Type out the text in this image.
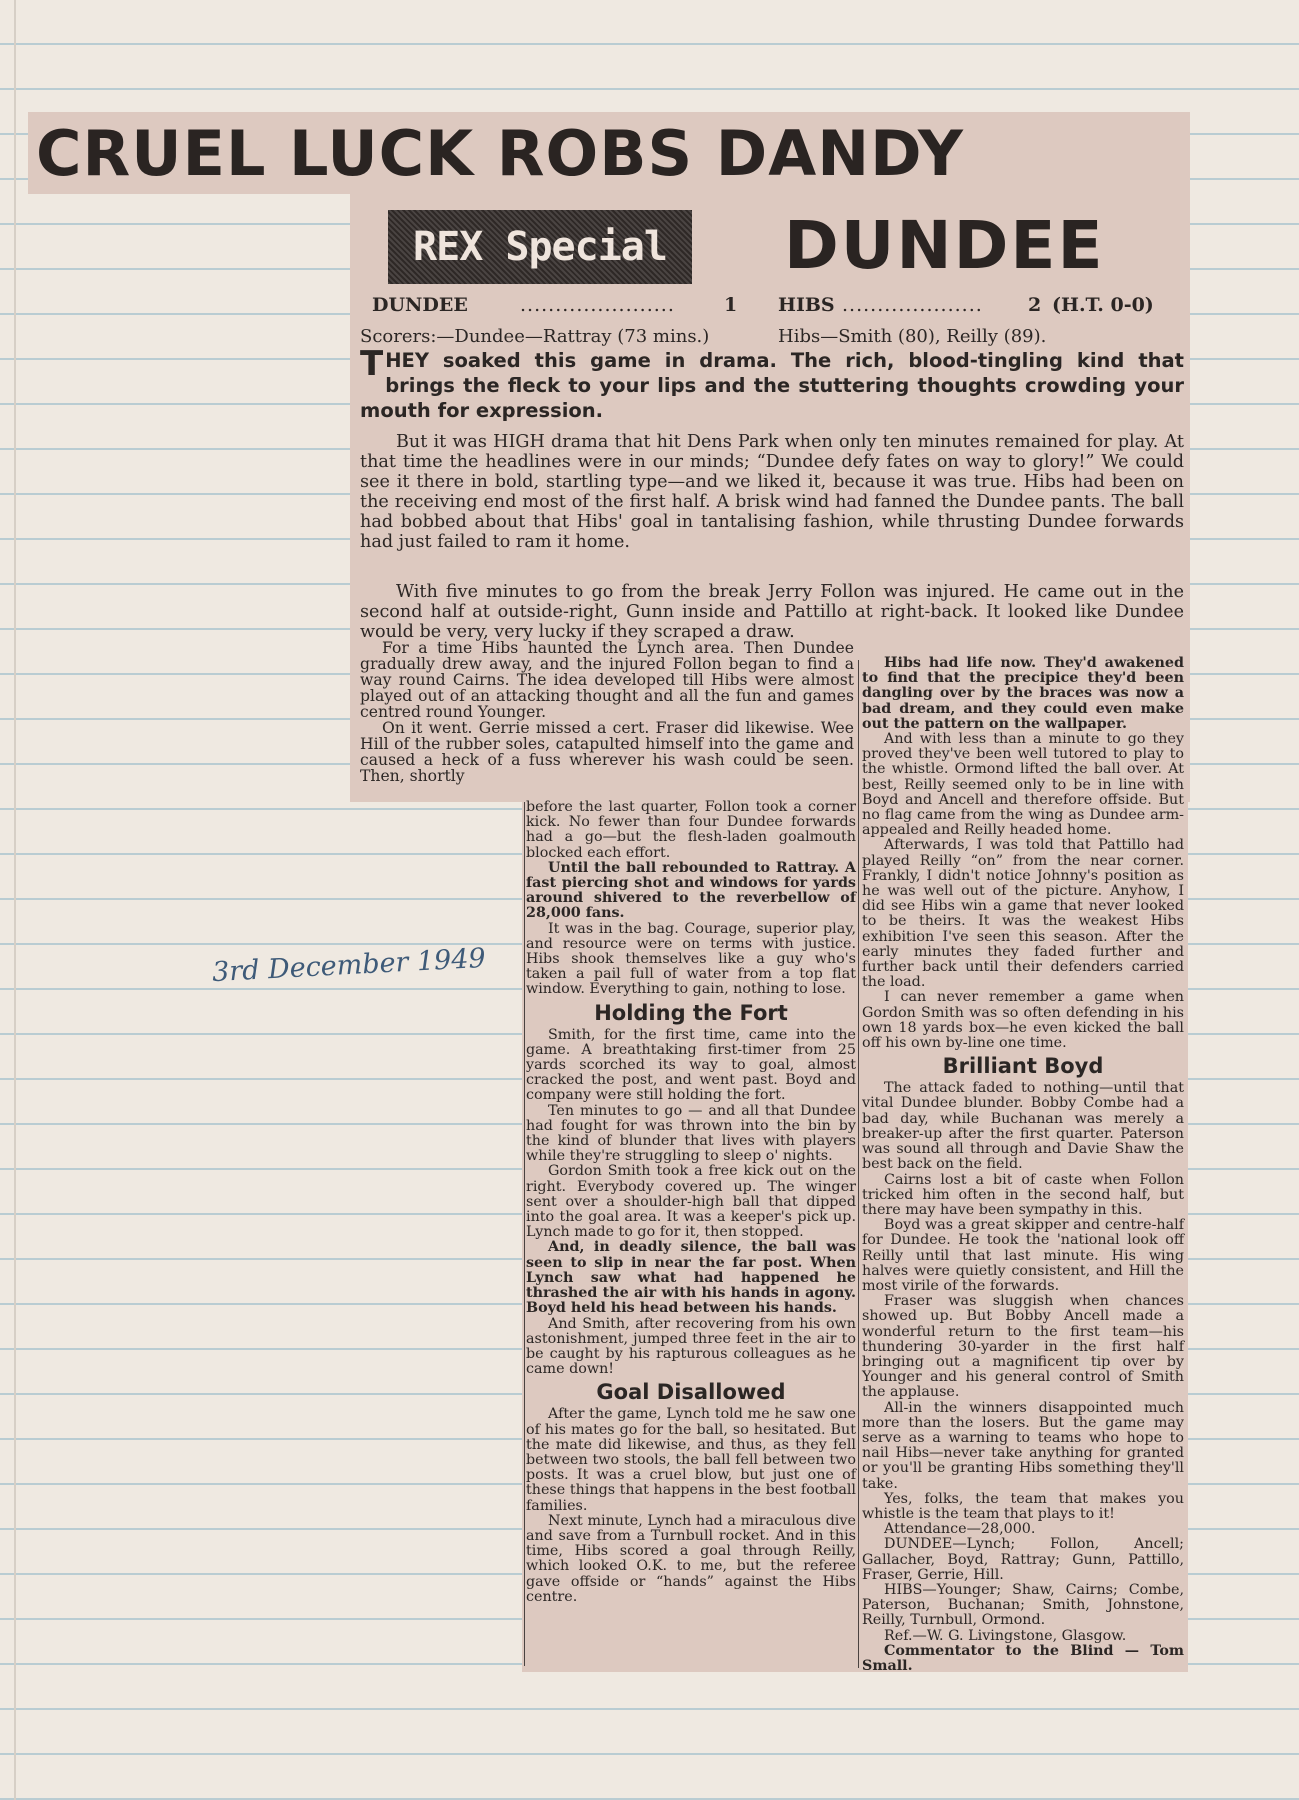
CRUEL LUCK ROBS DANDY
REX Special	DUNDEE
DUNDEE	......................	1 HIBS .................... 2 (H.T. 0-0)
Scorers:—Dundee—Rattray (73 mins.)	Hibs—Smith (80), Reilly (89).
THEY soaked this game in drama. The rich, blood-tingling kind that brings the fleck to your lips and the stuttering thoughts crowding your mouth for expression.
But it was HIGH drama that hit Dens Park when only ten minutes remained for play. At that time the headlines were in our minds; “Dundee defy fates on way to glory!” We could see it there in bold, startling type—and we liked it, because it was true. Hibs had been on the receiving end most of the first half. A brisk wind had fanned the Dundee pants. The ball had bobbed about that Hibs' goal in tantalising fashion, while thrusting Dundee forwards had just failed to ram it home.
With five minutes to go from the break Jerry Follon was injured. He came out in the second half at outside-right, Gunn inside and Pattillo at right-back. It looked like Dundee would be very, very lucky if they scraped a draw.

For a time Hibs haunted the Lynch area. Then Dundee gradually drew away, and the injured Follon began to find a way round Cairns. The idea developed till Hibs were almost played out of an attacking thought and all the fun and games centred round Younger.

On it went. Gerrie missed a cert. Fraser did likewise. Wee Hill of the rubber soles, catapulted himself into the game and caused a heck of a fuss wherever his wash could be seen. Then, shortly

before the last quarter, Follon took a corner kick. No fewer than four Dundee forwards had a go—but the flesh-laden goalmouth blocked each effort.

Until the ball rebounded to Rattray. A fast piercing shot and windows for yards around shivered to the reverbellow of 28,000 fans.

It was in the bag. Courage, superior play, and resource were on terms with justice. Hibs shook themselves like a guy who's taken a pail full of water from a top flat window. Everything to gain, nothing to lose.

Holding the Fort

Smith, for the first time, came into the game. A breathtaking first-timer from 25 yards scorched its way to goal, almost cracked the post, and went past. Boyd and company were still holding the fort.

Ten minutes to go — and all that Dundee had fought for was thrown into the bin by the kind of blunder that lives with players while they're struggling to sleep o' nights.

Gordon Smith took a free kick out on the right. Everybody covered up. The winger sent over a shoulder-high ball that dipped into the goal area. It was a keeper's pick up. Lynch made to go for it, then stopped.

And, in deadly silence, the ball was seen to slip in near the far post. When Lynch saw what had happened he thrashed the air with his hands in agony. Boyd held his head between his hands.

And Smith, after recovering from his own astonishment, jumped three feet in the air to be caught by his rapturous colleagues as he came down!

Goal Disallowed

After the game, Lynch told me he saw one of his mates go for the ball, so hesitated. But the mate did likewise, and thus, as they fell between two stools, the ball fell between two posts. It was a cruel blow, but just one of these things that happens in the best football families.

Next minute, Lynch had a miraculous dive and save from a Turnbull rocket. And in this time, Hibs scored a goal through Reilly, which looked O.K. to me, but the referee gave offside or “hands” against the Hibs centre.

Hibs had life now. They'd awakened to find that the precipice they'd been dangling over by the braces was now a bad dream, and they could even make out the pattern on the wallpaper.

And with less than a minute to go they proved they've been well tutored to play to the whistle. Ormond lifted the ball over. At best, Reilly seemed only to be in line with Boyd and Ancell and therefore offside. But no flag came from the wing as Dundee arm-appealed and Reilly headed home.

Afterwards, I was told that Pattillo had played Reilly “on” from the near corner. Frankly, I didn't notice Johnny's position as he was well out of the picture. Anyhow, I did see Hibs win a game that never looked to be theirs. It was the weakest Hibs exhibition I've seen this season. After the early minutes they faded further and further back until their defenders carried the load.

I can never remember a game when Gordon Smith was so often defending in his own 18 yards box—he even kicked the ball off his own by-line one time.

Brilliant Boyd

The attack faded to nothing—until that vital Dundee blunder. Bobby Combe had a bad day, while Buchanan was merely a breaker-up after the first quarter. Paterson was sound all through and Davie Shaw the best back on the field.

Cairns lost a bit of caste when Follon tricked him often in the second half, but there may have been sympathy in this.

Boyd was a great skipper and centre-half for Dundee. He took the 'national look off Reilly until that last minute. His wing halves were quietly consistent, and Hill the most virile of the forwards.

Fraser was sluggish when chances showed up. But Bobby Ancell made a wonderful return to the first team—his thundering 30-yarder in the first half bringing out a magnificent tip over by Younger and his general control of Smith the applause.

All-in the winners disappointed much more than the losers. But the game may serve as a warning to teams who hope to nail Hibs—never take anything for granted or you'll be granting Hibs something they'll take.

Yes, folks, the team that makes you whistle is the team that plays to it!

Attendance—28,000.

DUNDEE—Lynch; Follon, Ancell; Gallacher, Boyd, Rattray; Gunn, Pattillo, Fraser, Gerrie, Hill.

HIBS—Younger; Shaw, Cairns; Combe, Paterson, Buchanan; Smith, Johnstone, Reilly, Turnbull, Ormond.

Ref.—W. G. Livingstone, Glasgow.

Commentator to the Blind — Tom Small.

3rd December 1949
